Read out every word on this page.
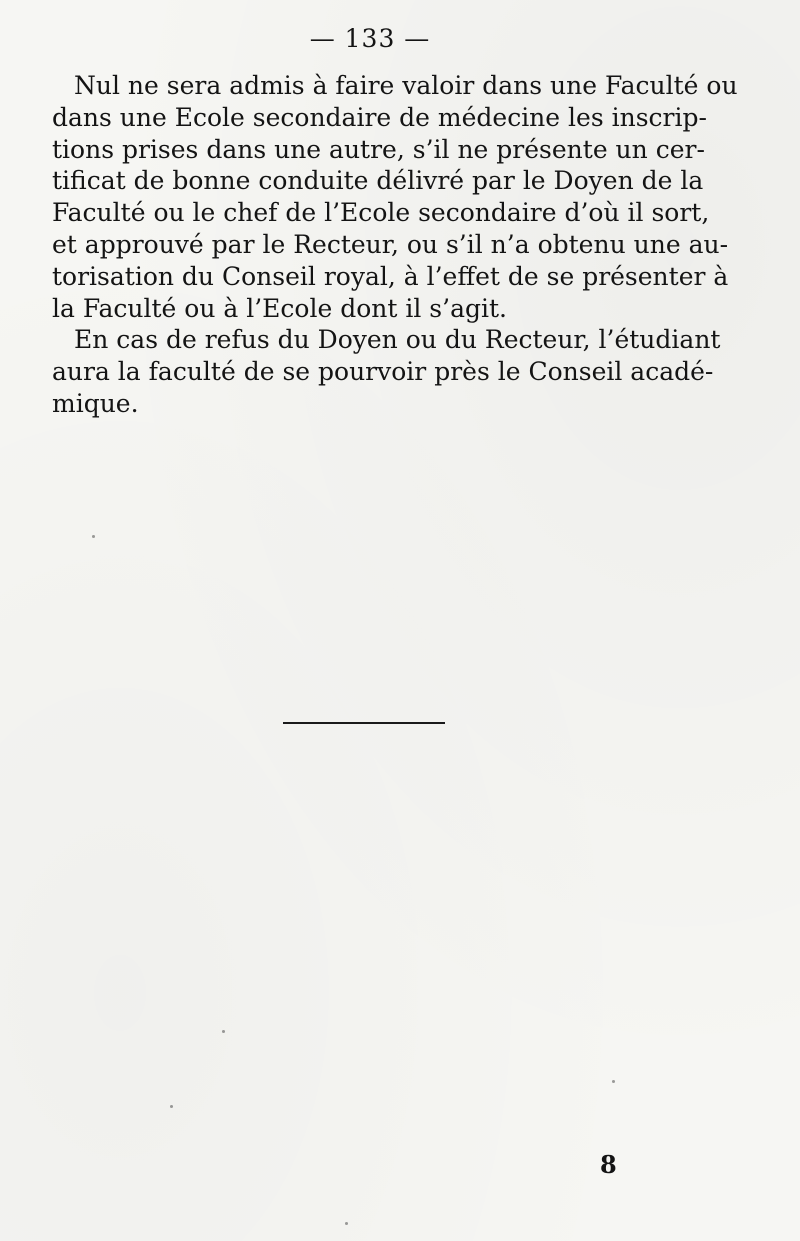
— 133 —
Nul ne sera admis à faire valoir dans une Faculté ou
dans une Ecole secondaire de médecine les inscrip-
tions prises dans une autre, s’il ne présente un cer-
tificat de bonne conduite délivré par le Doyen de la
Faculté ou le chef de l’Ecole secondaire d’où il sort,
et approuvé par le Recteur, ou s’il n’a obtenu une au-
torisation du Conseil royal, à l’effet de se présenter à
la Faculté ou à l’Ecole dont il s’agit.
En cas de refus du Doyen ou du Recteur, l’étudiant
aura la faculté de se pourvoir près le Conseil acadé-
mique.
8
